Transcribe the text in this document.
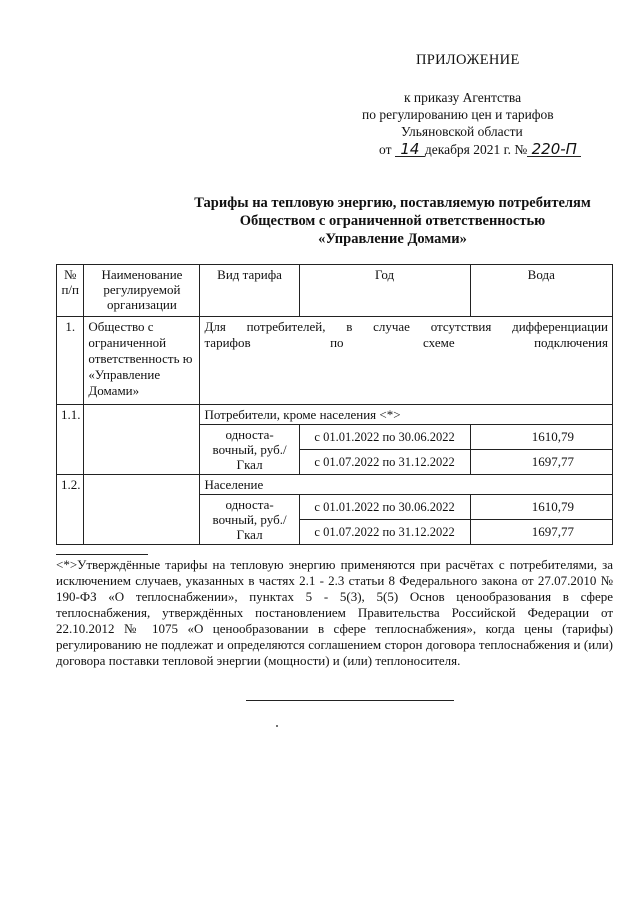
ПРИЛОЖЕНИЕ
к приказу Агентства
по регулированию цен и тарифов
Ульяновской области
от 14 декабря 2021 г. № 220-П
Тарифы на тепловую энергию, поставляемую потребителям
Обществом с ограниченной ответственностью
«Управление Домами»
№ п/п	Наименование регулируемой организации	Вид тарифа	Год	Вода
1.	Общество с ограниченной ответственность ю «Управление Домами»	Для потребителей, в случае отсутствия дифференциации
тарифов по схеме подключения		

1.1.		Потребители, кроме населения <*>		
		односта-вочный, руб./Гкал	с 01.01.2022 по 30.06.2022	1610,79
			с 01.07.2022 по 31.12.2022	1697,77
1.2.		Население		
		односта-вочный, руб./Гкал	с 01.01.2022 по 30.06.2022	1610,79
			с 01.07.2022 по 31.12.2022	1697,77
<*>Утверждённые тарифы на тепловую энергию применяются при расчётах с потребителями, за исключением случаев, указанных в частях 2.1 - 2.3 статьи 8 Федерального закона от 27.07.2010 № 190-ФЗ «О теплоснабжении», пунктах 5 - 5(3), 5(5) Основ ценообразования в сфере теплоснабжения, утверждённых постановлением Правительства Российской Федерации от 22.10.2012 № 1075 «О ценообразовании в сфере теплоснабжения», когда цены (тарифы) регулированию не подлежат и определяются соглашением сторон договора теплоснабжения и (или) договора поставки тепловой энергии (мощности) и (или) теплоносителя.
